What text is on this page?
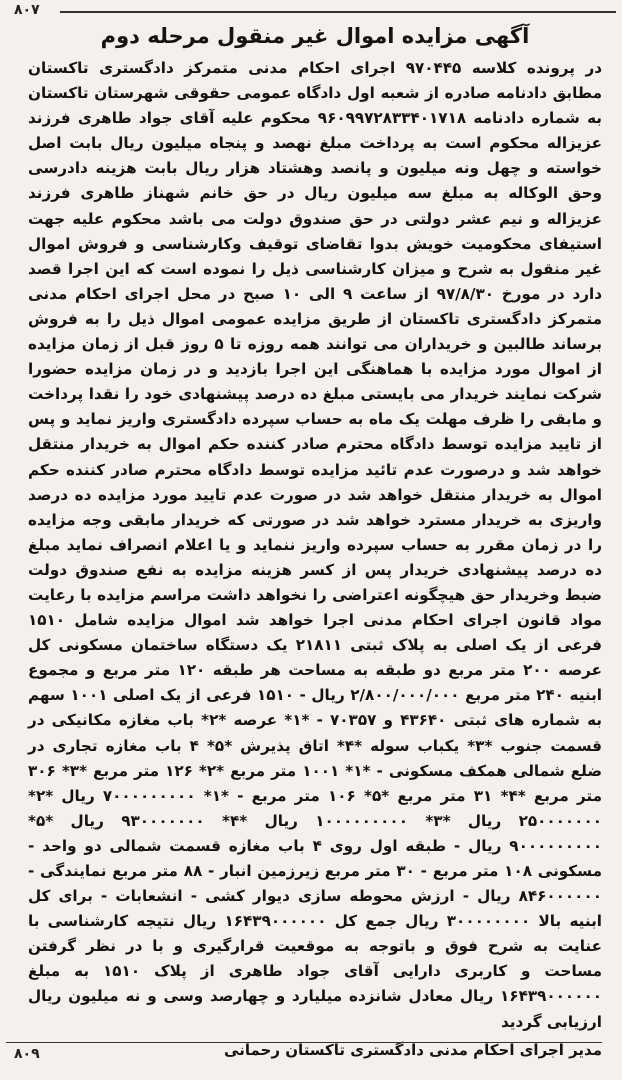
۸۰۷
آگهی مزایده اموال غیر منقول مرحله دوم

در پرونده کلاسه ۹۷۰۴۴۵ اجرای احکام مدنی متمرکز دادگستری تاکستان مطابق دادنامه صادره از شعبه اول دادگاه عمومی حقوقی شهرستان تاکستان به شماره دادنامه ۹۶۰۹۹۷۲۸۳۳۴۰۱۷۱۸ محکوم علیه آقای جواد طاهری فرزند عزیزاله محکوم است به پرداخت مبلغ نهصد و پنجاه میلیون ریال بابت اصل خواسته و چهل ونه میلیون و پانصد وهشتاد هزار ریال بابت هزینه دادرسی وحق الوکاله به مبلغ سه میلیون ریال در حق خانم شهناز طاهری فرزند عزیزاله و نیم عشر دولتی در حق صندوق دولت می باشد محکوم علیه جهت استیفای محکومیت خویش بدوا تقاضای توقیف وکارشناسی و فروش اموال غیر منقول به شرح و میزان کارشناسی ذیل را نموده است که این اجرا قصد دارد در مورخ ۹۷/۸/۳۰ از ساعت ۹ الی ۱۰ صبح در محل اجرای احکام مدنی متمرکز دادگستری تاکستان از طریق مزایده عمومی اموال ذیل را به فروش برساند طالبین و خریداران می توانند همه روزه تا ۵ روز قبل از زمان مزایده از اموال مورد مزایده با هماهنگی این اجرا بازدید و در زمان مزایده حضورا شرکت نمایند خریدار می بایستی مبلغ ده درصد پیشنهادی خود را نقدا پرداخت و مابقی را ظرف مهلت یک ماه به حساب سپرده دادگستری واریز نماید و پس از تایید مزایده توسط دادگاه محترم صادر کننده حکم اموال به خریدار منتقل خواهد شد و درصورت عدم تائید مزایده توسط دادگاه محترم صادر کننده حکم اموال به خریدار منتقل خواهد شد در صورت عدم تایید مورد مزایده ده درصد واریزی به خریدار مسترد خواهد شد در صورتی که خریدار مابقی وجه مزایده را در زمان مقرر به حساب سپرده واریز ننماید و یا اعلام انصراف نماید مبلغ ده درصد پیشنهادی خریدار پس از کسر هزینه مزایده به نفع صندوق دولت ضبط وخریدار حق هیچگونه اعتراضی را نخواهد داشت مراسم مزایده با رعایت مواد قانون اجرای احکام مدنی اجرا خواهد شد اموال مزایده شامل ۱۵۱۰ فرعی از یک اصلی به پلاک ثبتی ۲۱۸۱۱ یک دستگاه ساختمان مسکونی کل عرصه ۲۰۰ متر مربع دو طبقه به مساحت هر طبقه ۱۲۰ متر مربع و مجموع ابنیه ۲۴۰ متر مربع ۲/۸۰۰/۰۰۰/۰۰۰ ریال - ۱۵۱۰ فرعی از یک اصلی ۱۰۰۱ سهم به شماره های ثبتی ۴۳۶۴۰ و ۷۰۳۵۷ - *۱* عرصه *۲* باب مغازه مکانیکی در قسمت جنوب *۳* یکباب سوله *۴* اتاق پذیرش *۵* ۴ باب مغازه تجاری در ضلع شمالی همکف مسکونی - *۱* ۱۰۰۱ متر مربع *۲* ۱۲۶ متر مربع *۳* ۳۰۶ متر مربع *۴* ۳۱ متر مربع *۵* ۱۰۶ متر مربع - *۱* ۷۰۰۰۰۰۰۰۰۰ ریال *۲* ۲۵۰۰۰۰۰۰۰ ریال *۳* ۱۰۰۰۰۰۰۰۰۰ ریال *۴* ۹۳۰۰۰۰۰۰۰ ریال *۵* ۹۰۰۰۰۰۰۰۰۰ ریال - طبقه اول روی ۴ باب مغازه قسمت شمالی دو واحد - مسکونی ۱۰۸ متر مربع - ۳۰ متر مربع زیرزمین انبار - ۸۸ متر مربع نمایندگی - ۸۴۶۰۰۰۰۰۰ ریال - ارزش محوطه سازی دیوار کشی - انشعابات - برای کل ابنیه بالا ۳۰۰۰۰۰۰۰۰ ریال جمع کل ۱۶۴۳۹۰۰۰۰۰۰ ریال نتیجه کارشناسی با عنایت به شرح فوق و باتوجه به موقعیت قرارگیری و با در نظر گرفتن مساحت و کاربری دارایی آقای جواد طاهری از پلاک ۱۵۱۰ به مبلغ ۱۶۴۳۹۰۰۰۰۰۰ ریال معادل شانزده میلیارد و چهارصد وسی و نه میلیون ریال ارزیابی گردید

مدیر اجرای احکام مدنی دادگستری تاکستان رحمانی
۸۰۹
